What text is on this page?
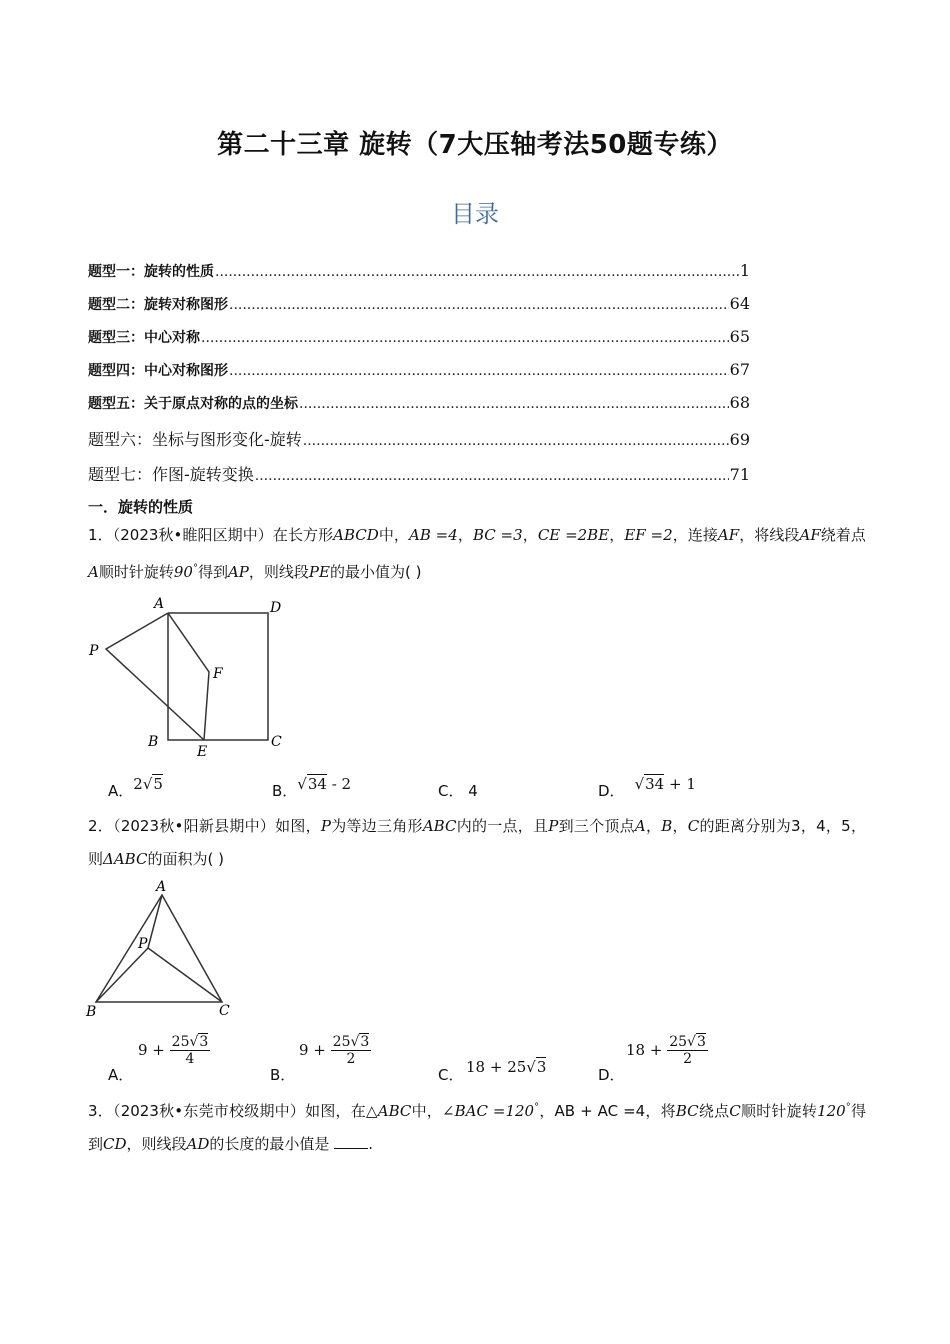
第二十三章 旋转（7大压轴考法50题专练）
目录
题型一：旋转的性质 .....	1
题型二：旋转对称图形 .....	64
题型三：中心对称 .....	65
题型四：中心对称图形 .....	67
题型五：关于原点对称的点的坐标 .....	68
题型六：坐标与图形变化-旋转 .....	69
题型七：作图-旋转变换 .....	71
一．旋转的性质
1．（2023秋•睢阳区期中）在长方形ABCD中，AB =4，BC =3，CE =2BE，EF =2，连接AF，将线段AF绕着点A顺时针旋转90°得到AP，则线段PE的最小值为( )
A	D
P
F
B
E
C
A．2√5	B．√34 - 2	C． 4	D． √34 + 1
2．（2023秋•阳新县期中）如图，P为等边三角形ABC内的一点，且P到三个顶点A，B，C的距离分别为3，4，5，则ΔABC的面积为( )
A
P
B	C
A．
$9 + \frac{25√3}{4}$
B．
$9 + \frac{25√3}{2}$
C． 18 + 25√3	D．
$18 + \frac{25√3}{2}$
3．（2023秋•东莞市校级期中）如图，在△ABC中，∠BAC =120°，AB + AC =4，将BC绕点C顺时针旋转120°得到CD，则线段AD的长度的最小值是	.
